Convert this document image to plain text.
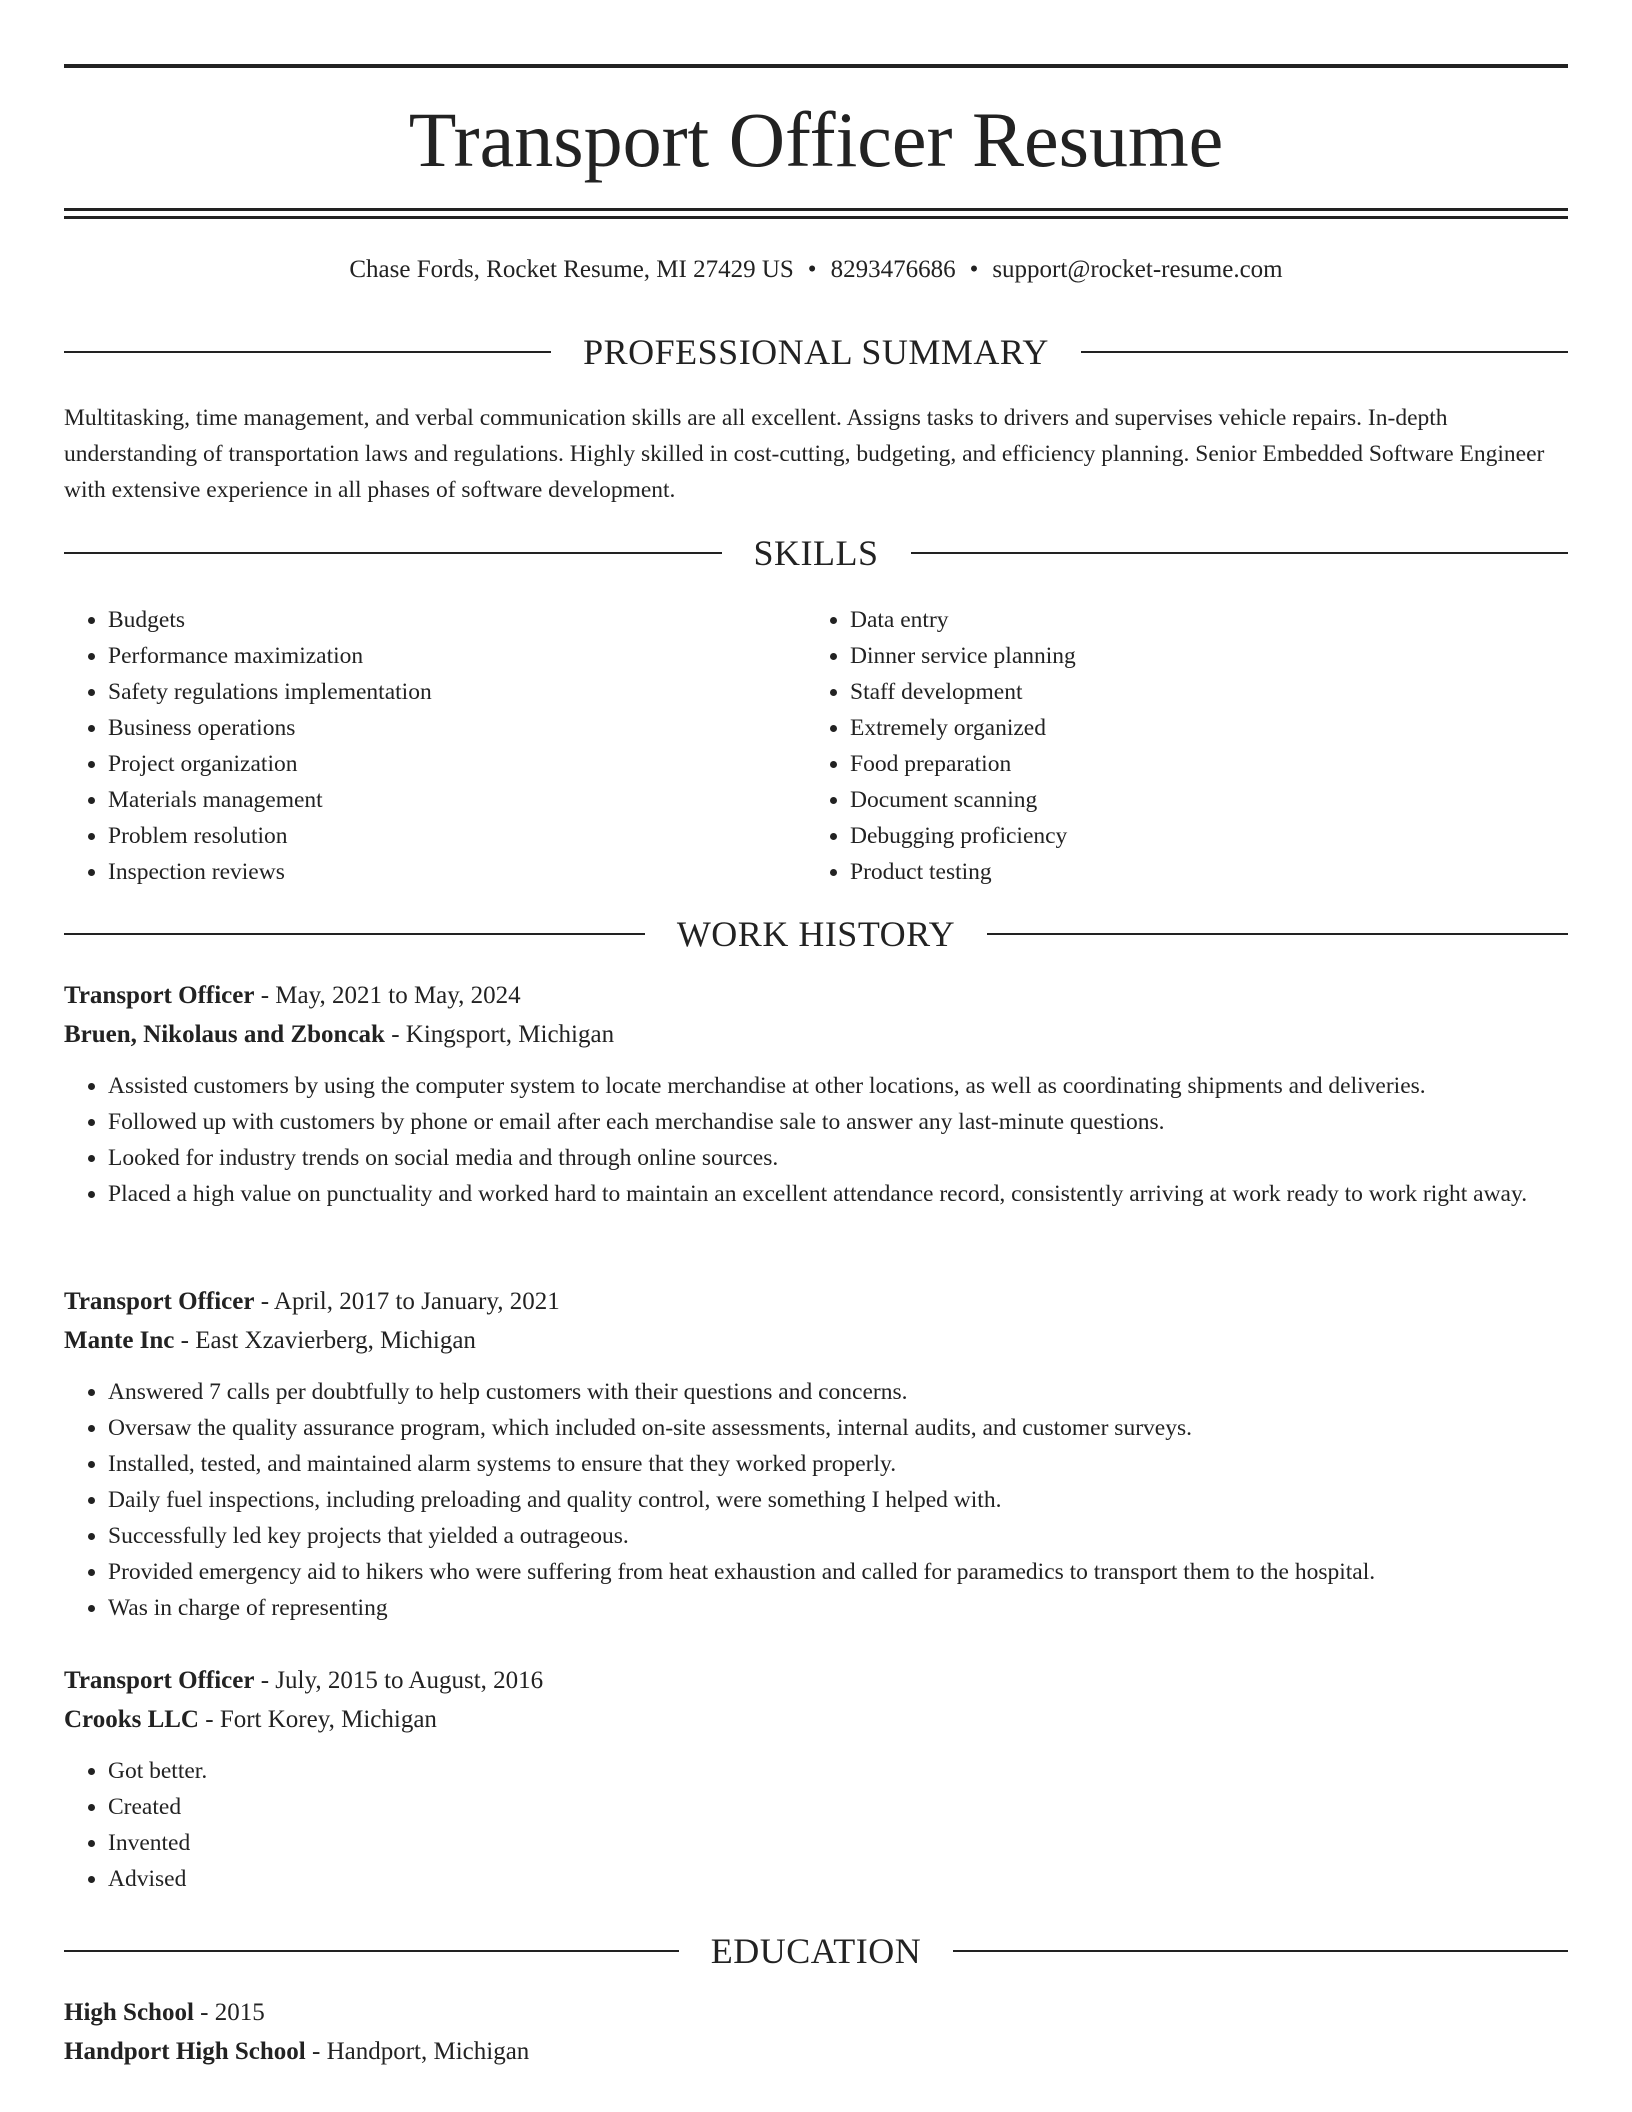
Transport Officer Resume
Chase Fords, Rocket Resume, MI 27429 US • 8293476686 • support@rocket-resume.com
PROFESSIONAL SUMMARY

Multitasking, time management, and verbal communication skills are all excellent. Assigns tasks to drivers and supervises vehicle repairs. In-depth understanding of transportation laws and regulations. Highly skilled in cost-cutting, budgeting, and efficiency planning. Senior Embedded Software Engineer with extensive experience in all phases of software development.

SKILLS
• Budgets
• Performance maximization
• Safety regulations implementation
• Business operations
• Project organization
• Materials management
• Problem resolution
• Inspection reviews
• Data entry
• Dinner service planning
• Staff development
• Extremely organized
• Food preparation
• Document scanning
• Debugging proficiency
• Product testing
WORK HISTORY
Transport Officer - May, 2021 to May, 2024
Bruen, Nikolaus and Zboncak - Kingsport, Michigan
• Assisted customers by using the computer system to locate merchandise at other locations, as well as coordinating shipments and deliveries.
• Followed up with customers by phone or email after each merchandise sale to answer any last-minute questions.
• Looked for industry trends on social media and through online sources.
• Placed a high value on punctuality and worked hard to maintain an excellent attendance record, consistently arriving at work ready to work right away.
Transport Officer - April, 2017 to January, 2021
Mante Inc - East Xzavierberg, Michigan
• Answered 7 calls per doubtfully to help customers with their questions and concerns.
• Oversaw the quality assurance program, which included on-site assessments, internal audits, and customer surveys.
• Installed, tested, and maintained alarm systems to ensure that they worked properly.
• Daily fuel inspections, including preloading and quality control, were something I helped with.
• Successfully led key projects that yielded a outrageous.
• Provided emergency aid to hikers who were suffering from heat exhaustion and called for paramedics to transport them to the hospital.
• Was in charge of representing
Transport Officer - July, 2015 to August, 2016
Crooks LLC - Fort Korey, Michigan
• Got better.
• Created
• Invented
• Advised
EDUCATION
High School - 2015
Handport High School - Handport, Michigan
